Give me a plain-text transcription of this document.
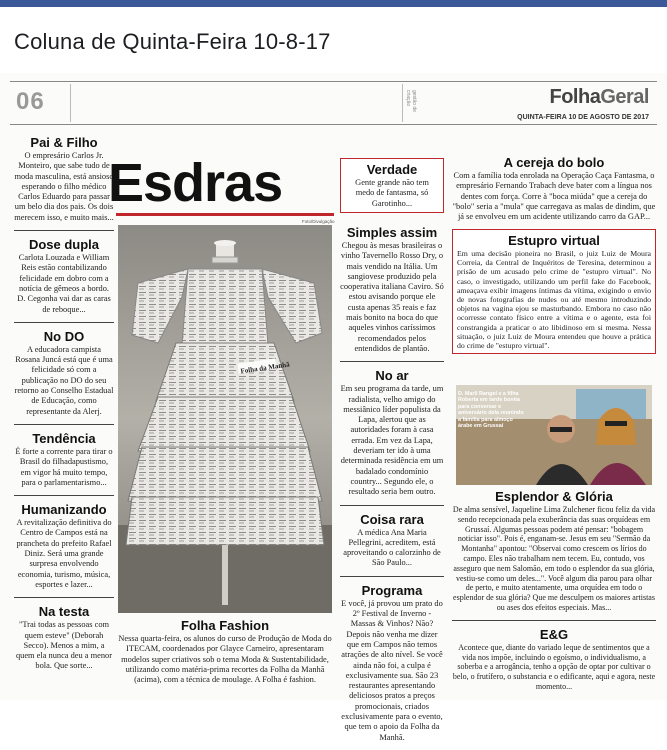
Coluna de Quinta-Feira 10-8-17
06	gestão de criação	FolhaGeral
QUINTA-FEIRA 10 DE AGOSTO DE 2017
Pai & Filho

O empresário Carlos Jr. Monteiro, que sabe tudo de moda masculina, está ansioso esperando o filho médico Carlos Eduardo para passar um belo dia dos pais. Os dois merecem isso, e muito mais...

Dose dupla

Carlota Louzada e William Reis estão contabilizando felicidade em dobro com a notícia de gêmeos a bordo. D. Cegonha vai dar as caras de reboque...

No DO

A educadora campista Rosana Juncá está que é uma felicidade só com a publicação no DO do seu retorno ao Conselho Estadual de Educação, como representante da Alerj.

Tendência

É forte a corrente para tirar o Brasil do filhadapustismo, em vigor há muito tempo, para o parlamentarismo...

Humanizando

A revitalização definitiva do Centro de Campos está na prancheta do prefeito Rafael Diniz. Será uma grande surpresa envolvendo economia, turismo, música, esportes e lazer...

Na testa

"Trai todas as pessoas com quem esteve" (Deborah Secco). Menos a mim, a quem ela nunca deu a menor bola. Que sorte...

Esdras
Foto/Divulgação
Folha da Manhã
Folha Fashion

Nessa quarta-feira, os alunos do curso de Produção de Moda do ITECAM, coordenados por Glayce Carneiro, apresentaram modelos super criativos sob o tema Moda & Sustentabilidade, utilizando como matéria-prima recortes da Folha da Manhã (acima), com a técnica de moulage. A Folha é fashion.

Verdade

Gente grande não tem medo de fantasma, só Garotinho...

Simples assim

Chegou às mesas brasileiras o vinho Tavernello Rosso Dry, o mais vendido na Itália. Um sangiovese produzido pela cooperativa italiana Caviro. Só estou avisando porque ele custa apenas 35 reais e faz mais bonito na boca do que aqueles vinhos caríssimos recomendados pelos entendidos de plantão.

No ar

Em seu programa da tarde, um radialista, velho amigo do messiânico líder populista da Lapa, alertou que as autoridades foram à casa errada. Em vez da Lapa, deveriam ter ido à uma determinada residência em um badalado condomínio country... Segundo ele, o resultado seria bem outro.

Coisa rara

A médica Ana Maria Pellegrini, acreditem, está aproveitando o calorzinho de São Paulo...

Programa

E você, já provou um prato do 2º Festival de Inverno - Massas & Vinhos? Não? Depois não venha me dizer que em Campos não temos atrações de alto nível. Se você ainda não foi, a culpa é exclusivamente sua. São 23 restaurantes apresentando deliciosos pratos a preços promocionais, criados exclusivamente para o evento, que tem o apoio da Folha da Manhã.

A cereja do bolo

Com a família toda enrolada na Operação Caça Fantasma, o empresário Fernando Trabach deve bater com a língua nos dentes com força. Corre à "boca miúda" que a cereja do "bolo" seria a "mula" que carregava as malas de dindim, que já se envolveu em um acidente utilizando carro da GAP...

Estupro virtual

Em uma decisão pioneira no Brasil, o juiz Luiz de Moura Correia, da Central de Inquéritos de Teresina, determinou a prisão de um acusado pelo crime de "estupro virtual". No caso, o investigado, utilizando um perfil fake do Facebook, ameaçava exibir imagens íntimas da vítima, exigindo o envio de novas fotografias de nudes ou até mesmo introduzindo objetos na vagina ejou se masturbando. Embora no caso não ocorresse contato físico entre a vítima e o agente, esta foi constrangida a praticar o ato libidinoso em si mesma. Nessa situação, o juiz Luiz de Moura entendeu que houve a prática do crime de "estupro virtual".

D. Marli Rangel e a filha Roberta em tarde bonita para conversar e aniversário dela reunindo a família para almoço árabe em Grussaí
Esplendor & Glória

De alma sensível, Jaqueline Lima Zulchener ficou feliz da vida sendo recepcionada pela exuberância das suas orquídeas em Grussaí. Algumas pessoas podem até pensar: "bobagem noticiar isso". Pois é, enganam-se. Jesus em seu "Sermão da Montanha" apontou: "Observai como crescem os lírios do campo. Eles não trabalham nem tecem. Eu, contudo, vos asseguro que nem Salomão, em todo o esplendor da sua glória, vestiu-se como um deles...". Você algum dia parou para olhar de perto, e muito atentamente, uma orquídea em todo o esplendor de sua glória? Que me desculpem os maiores artistas ou ases dos efeitos especiais. Mas...

E&G

Acontece que, diante do variado leque de sentimentos que a vida nos impõe, incluindo o egoísmo, o individualismo, a soberba e a arrogância, tenho a opção de optar por cultivar o belo, o frutífero, o substancia e o edificante, aqui e agora, neste momento...
